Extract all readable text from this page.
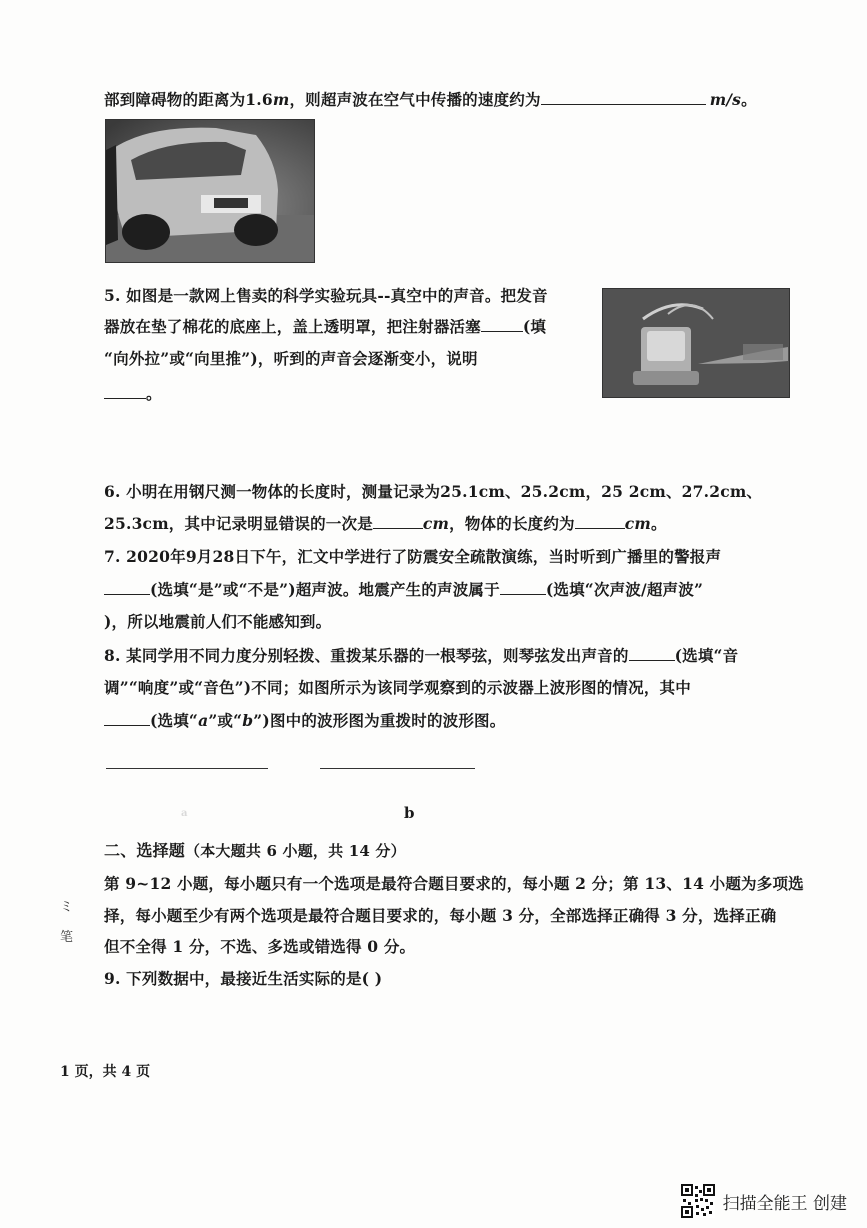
部到障碍物的距离为1.6m，则超声波在空气中传播的速度约为	m/s。
5. 如图是一款网上售卖的科学实验玩具--真空中的声音。把发音
器放在垫了棉花的底座上，盖上透明罩，把注射器活塞	(填
“向外拉”或“向里推”)，听到的声音会逐渐变小，说明
。
6. 小明在用钢尺测一物体的长度时，测量记录为25.1cm、25.2cm，25 2cm、27.2cm、
25.3cm，其中记录明显错误的一次是	cm，物体的长度约为	cm。
7. 2020年9月28日下午，汇文中学进行了防震安全疏散演练，当时听到广播里的警报声
(选填“是”或“不是”)超声波。地震产生的声波属于	(选填“次声波/超声波”
)，所以地震前人们不能感知到。
8. 某同学用不同力度分别轻拨、重拨某乐器的一根琴弦，则琴弦发出声音的	(选填“音
调”“响度”或“音色”)不同；如图所示为该同学观察到的示波器上波形图的情况，其中
(选填“a”或“b”)图中的波形图为重拨时的波形图。
a	b
二、选择题（本大题共 6 小题，共 14 分）
第 9~12 小题，每小题只有一个选项是最符合题目要求的，每小题 2 分；第 13、14 小题为多项选
择，每小题至少有两个选项是最符合题目要求的，每小题 3 分，全部选择正确得 3 分，选择正确
但不全得 1 分，不选、多选或错选得 0 分。
9. 下列数据中，最接近生活实际的是( )
ミ
笔
1 页，共 4 页
扫描全能王 创建
